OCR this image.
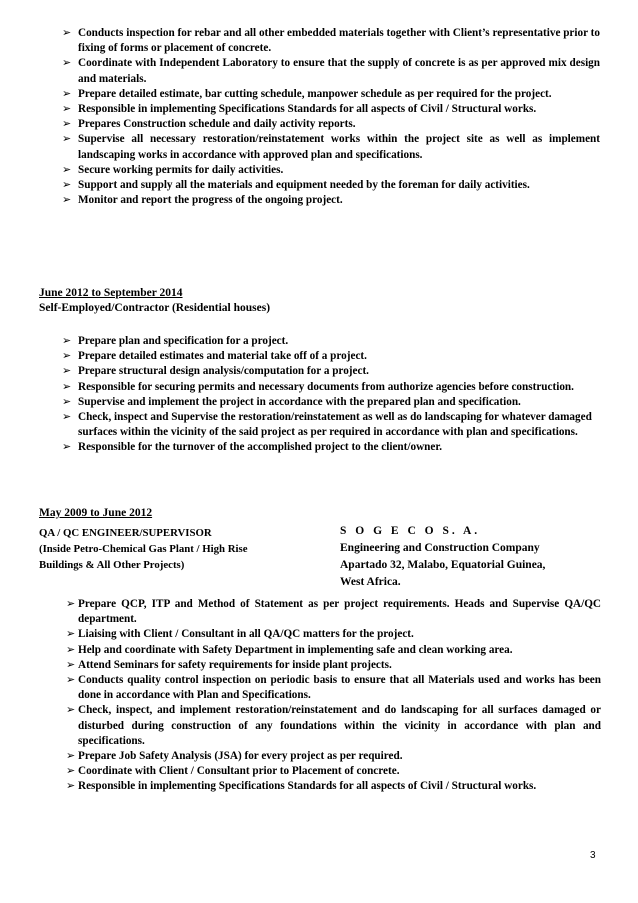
➢ Conducts inspection for rebar and all other embedded materials together with Client’s representative prior to fixing of forms or placement of concrete.
➢ Coordinate with Independent Laboratory to ensure that the supply of concrete is as per approved mix design and materials.
➢ Prepare detailed estimate, bar cutting schedule, manpower schedule as per required for the project.
➢ Responsible in implementing Specifications Standards for all aspects of Civil / Structural works.
➢ Prepares Construction schedule and daily activity reports.
➢ Supervise all necessary restoration/reinstatement works within the project site as well as implement landscaping works in accordance with approved plan and specifications.
➢ Secure working permits for daily activities.
➢ Support and supply all the materials and equipment needed by the foreman for daily activities.
➢ Monitor and report the progress of the ongoing project.
June 2012 to September 2014
Self-Employed/Contractor (Residential houses)
➢ Prepare plan and specification for a project.
➢ Prepare detailed estimates and material take off of a project.
➢ Prepare structural design analysis/computation for a project.
➢ Responsible for securing permits and necessary documents from authorize agencies before construction.
➢ Supervise and implement the project in accordance with the prepared plan and specification.
➢ Check, inspect and Supervise the restoration/reinstatement as well as do landscaping for whatever damaged surfaces within the vicinity of the said project as per required in accordance with plan and specifications.
➢ Responsible for the turnover of the accomplished project to the client/owner.
May 2009 to June 2012
QA / QC ENGINEER/SUPERVISOR
(Inside Petro-Chemical Gas Plant / High Rise
Buildings & All Other Projects)
S O G E C O S. A.
Engineering and Construction Company
Apartado 32, Malabo, Equatorial Guinea,
West Africa.
➢ Prepare QCP, ITP and Method of Statement as per project requirements. Heads and Supervise QA/QC department.
➢ Liaising with Client / Consultant in all QA/QC matters for the project.
➢ Help and coordinate with Safety Department in implementing safe and clean working area.
➢ Attend Seminars for safety requirements for inside plant projects.
➢ Conducts quality control inspection on periodic basis to ensure that all Materials used and works has been done in accordance with Plan and Specifications.
➢ Check, inspect, and implement restoration/reinstatement and do landscaping for all surfaces damaged or disturbed during construction of any foundations within the vicinity in accordance with plan and specifications.
➢ Prepare Job Safety Analysis (JSA) for every project as per required.
➢ Coordinate with Client / Consultant prior to Placement of concrete.
➢ Responsible in implementing Specifications Standards for all aspects of Civil / Structural works.
3
